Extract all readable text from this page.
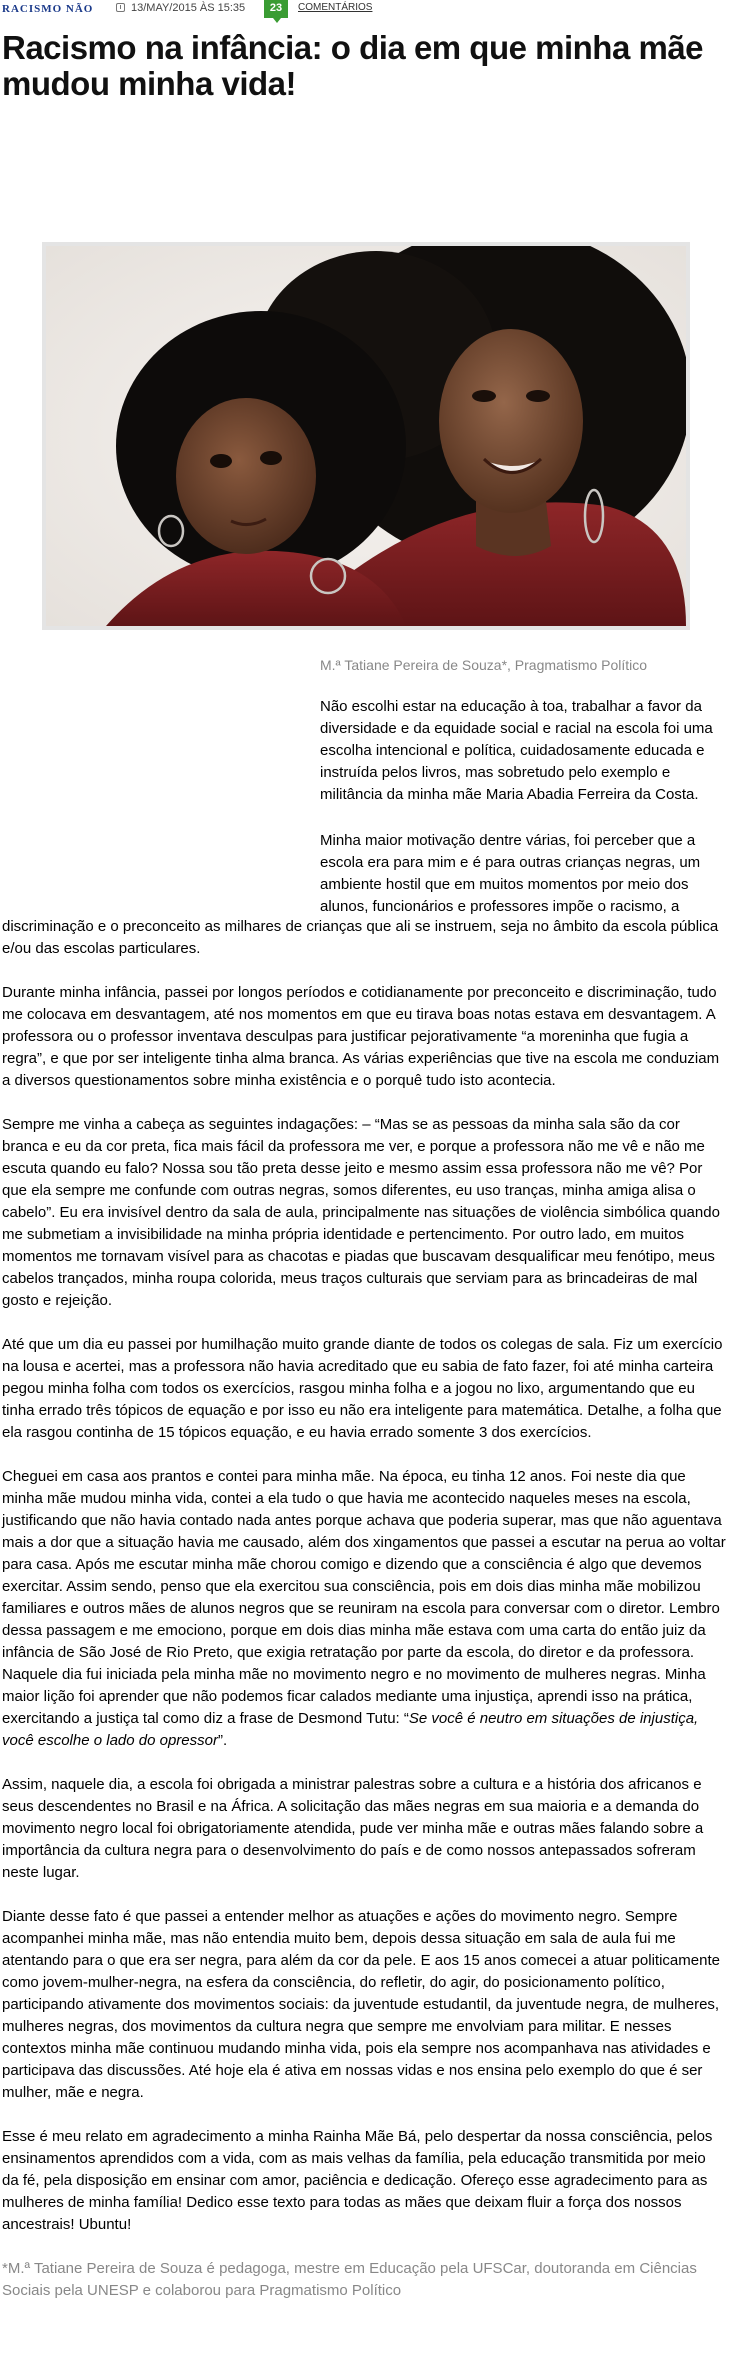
RACISMO NÃO	13/MAY/2015 ÀS 15:35	23	COMENTÁRIOS
Racismo na infância: o dia em que minha mãe mudou minha vida!
M.ª Tatiane Pereira de Souza*, Pragmatismo Político

Não escolhi estar na educação à toa, trabalhar a favor da diversidade e da equidade social e racial na escola foi uma escolha intencional e política, cuidadosamente educada e instruída pelos livros, mas sobretudo pelo exemplo e militância da minha mãe Maria Abadia Ferreira da Costa.

Minha maior motivação dentre várias, foi perceber que a escola era para mim e é para outras crianças negras, um ambiente hostil que em muitos momentos por meio dos alunos, funcionários e professores impõe o racismo, a

discriminação e o preconceito as milhares de crianças que ali se instruem, seja no âmbito da escola pública e/ou das escolas particulares.

Durante minha infância, passei por longos períodos e cotidianamente por preconceito e discriminação, tudo me colocava em desvantagem, até nos momentos em que eu tirava boas notas estava em desvantagem. A professora ou o professor inventava desculpas para justificar pejorativamente “a moreninha que fugia a regra”, e que por ser inteligente tinha alma branca. As várias experiências que tive na escola me conduziam a diversos questionamentos sobre minha existência e o porquê tudo isto acontecia.

Sempre me vinha a cabeça as seguintes indagações: – “Mas se as pessoas da minha sala são da cor branca e eu da cor preta, fica mais fácil da professora me ver, e porque a professora não me vê e não me escuta quando eu falo? Nossa sou tão preta desse jeito e mesmo assim essa professora não me vê? Por que ela sempre me confunde com outras negras, somos diferentes, eu uso tranças, minha amiga alisa o cabelo”. Eu era invisível dentro da sala de aula, principalmente nas situações de violência simbólica quando me submetiam a invisibilidade na minha própria identidade e pertencimento. Por outro lado, em muitos momentos me tornavam visível para as chacotas e piadas que buscavam desqualificar meu fenótipo, meus cabelos trançados, minha roupa colorida, meus traços culturais que serviam para as brincadeiras de mal gosto e rejeição.

Até que um dia eu passei por humilhação muito grande diante de todos os colegas de sala. Fiz um exercício na lousa e acertei, mas a professora não havia acreditado que eu sabia de fato fazer, foi até minha carteira pegou minha folha com todos os exercícios, rasgou minha folha e a jogou no lixo, argumentando que eu tinha errado três tópicos de equação e por isso eu não era inteligente para matemática. Detalhe, a folha que ela rasgou continha de 15 tópicos equação, e eu havia errado somente 3 dos exercícios.

Cheguei em casa aos prantos e contei para minha mãe. Na época, eu tinha 12 anos. Foi neste dia que minha mãe mudou minha vida, contei a ela tudo o que havia me acontecido naqueles meses na escola, justificando que não havia contado nada antes porque achava que poderia superar, mas que não aguentava mais a dor que a situação havia me causado, além dos xingamentos que passei a escutar na perua ao voltar para casa. Após me escutar minha mãe chorou comigo e dizendo que a consciência é algo que devemos exercitar. Assim sendo, penso que ela exercitou sua consciência, pois em dois dias minha mãe mobilizou familiares e outros mães de alunos negros que se reuniram na escola para conversar com o diretor. Lembro dessa passagem e me emociono, porque em dois dias minha mãe estava com uma carta do então juiz da infância de São José de Rio Preto, que exigia retratação por parte da escola, do diretor e da professora. Naquele dia fui iniciada pela minha mãe no movimento negro e no movimento de mulheres negras. Minha maior lição foi aprender que não podemos ficar calados mediante uma injustiça, aprendi isso na prática, exercitando a justiça tal como diz a frase de Desmond Tutu: “Se você é neutro em situações de injustiça, você escolhe o lado do opressor”.

Assim, naquele dia, a escola foi obrigada a ministrar palestras sobre a cultura e a história dos africanos e seus descendentes no Brasil e na África. A solicitação das mães negras em sua maioria e a demanda do movimento negro local foi obrigatoriamente atendida, pude ver minha mãe e outras mães falando sobre a importância da cultura negra para o desenvolvimento do país e de como nossos antepassados sofreram neste lugar.

Diante desse fato é que passei a entender melhor as atuações e ações do movimento negro. Sempre acompanhei minha mãe, mas não entendia muito bem, depois dessa situação em sala de aula fui me atentando para o que era ser negra, para além da cor da pele. E aos 15 anos comecei a atuar politicamente como jovem-mulher-negra, na esfera da consciência, do refletir, do agir, do posicionamento político, participando ativamente dos movimentos sociais: da juventude estudantil, da juventude negra, de mulheres, mulheres negras, dos movimentos da cultura negra que sempre me envolviam para militar. E nesses contextos minha mãe continuou mudando minha vida, pois ela sempre nos acompanhava nas atividades e participava das discussões. Até hoje ela é ativa em nossas vidas e nos ensina pelo exemplo do que é ser mulher, mãe e negra.

Esse é meu relato em agradecimento a minha Rainha Mãe Bá, pelo despertar da nossa consciência, pelos ensinamentos aprendidos com a vida, com as mais velhas da família, pela educação transmitida por meio da fé, pela disposição em ensinar com amor, paciência e dedicação. Ofereço esse agradecimento para as mulheres de minha família! Dedico esse texto para todas as mães que deixam fluir a força dos nossos ancestrais! Ubuntu!

*M.ª Tatiane Pereira de Souza é pedagoga, mestre em Educação pela UFSCar, doutoranda em Ciências Sociais pela UNESP e colaborou para Pragmatismo Político
